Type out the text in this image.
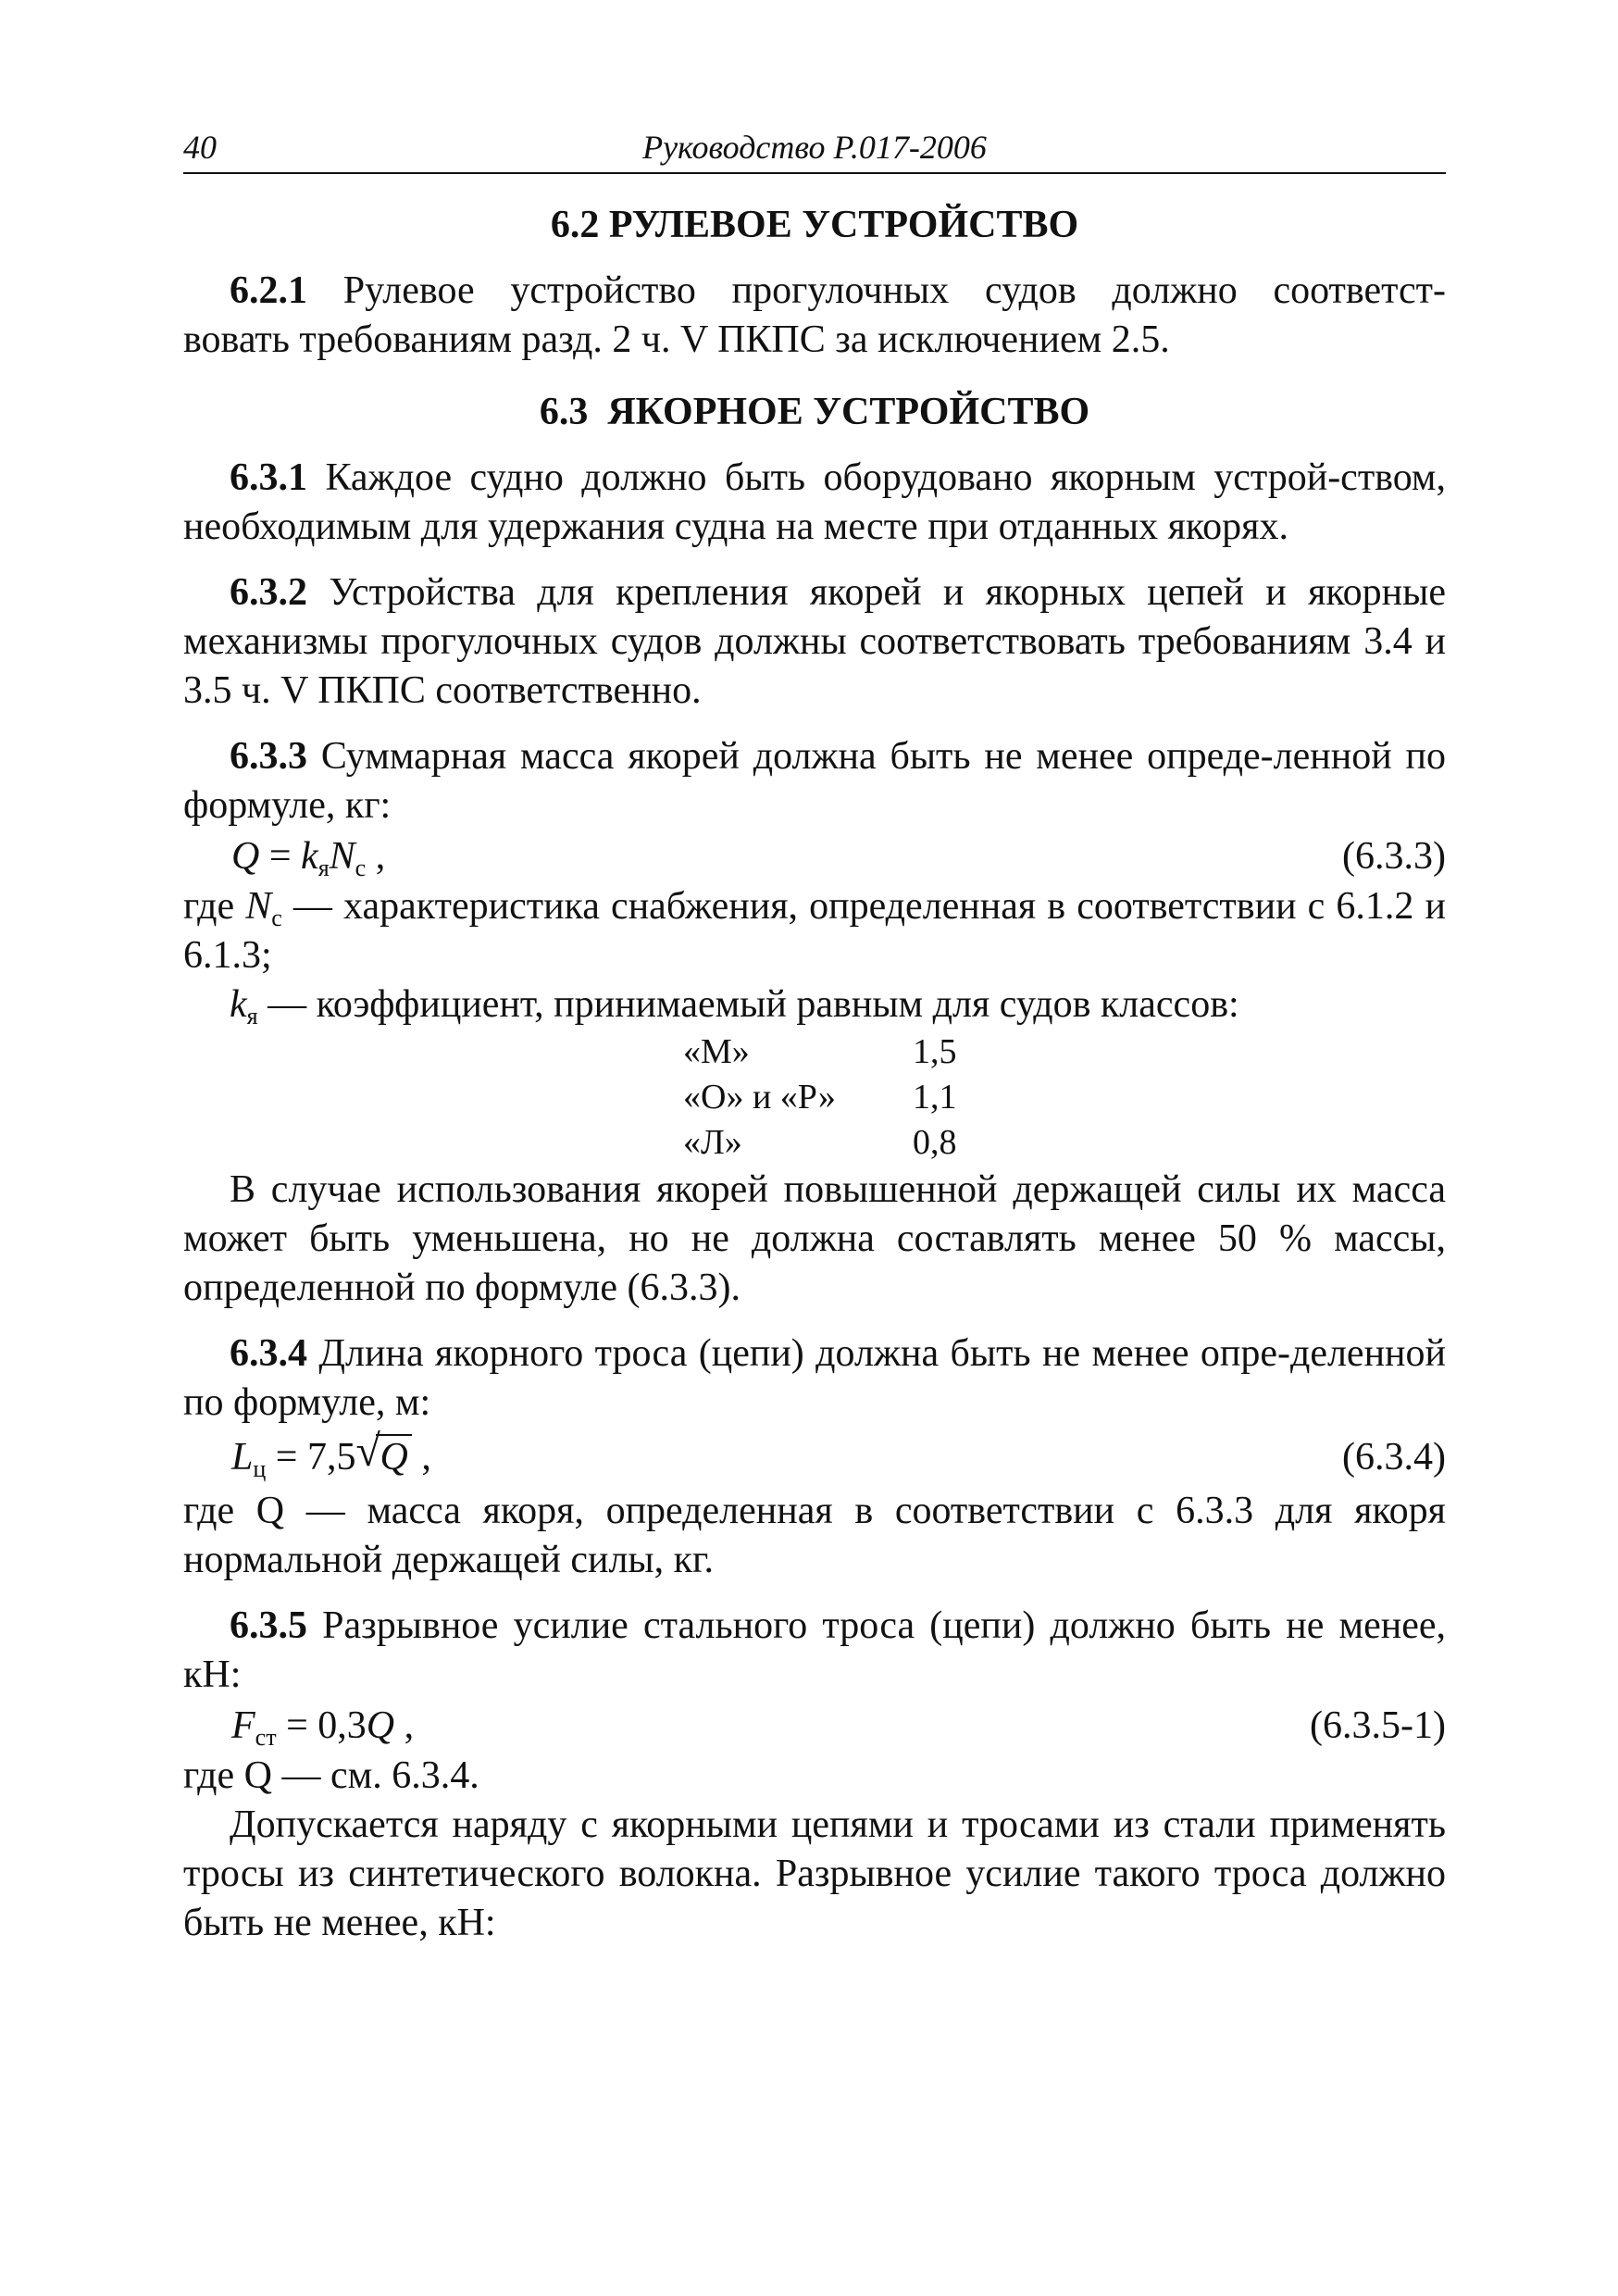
40	Руководство Р.017-2006
6.2 РУЛЕВОЕ УСТРОЙСТВО

6.2.1 Рулевое устройство прогулочных судов должно соответст-

вовать требованиям разд. 2 ч. V ПКПС за исключением 2.5.

6.3  ЯКОРНОЕ УСТРОЙСТВО

6.3.1 Каждое судно должно быть оборудовано якорным устрой-ством, необходимым для удержания судна на месте при отданных якорях.

6.3.2 Устройства для крепления якорей и якорных цепей и якорные механизмы прогулочных судов должны соответствовать требованиям 3.4 и 3.5 ч. V ПКПС соответственно.

6.3.3 Суммарная масса якорей должна быть не менее опреде-ленной по формуле, кг:

$Q = k_яN_с$ ,	(6.3.3)

где $N_с$ — характеристика снабжения, определенная в соответствии с 6.1.2 и 6.1.3;

$k_я$ — коэффициент, принимаемый равным для судов классов:

«М»	1,5
«О» и «Р» 1,1
«Л»	0,8

В случае использования якорей повышенной держащей силы их масса может быть уменьшена, но не должна составлять менее 50 % массы, определенной по формуле (6.3.3).

6.3.4 Длина якорного троса (цепи) должна быть не менее опре-деленной по формуле, м:

$L_ц = 7,5$ √ Q ,	(6.3.4)

где Q — масса якоря, определенная в соответствии с 6.3.3 для якоря нормальной держащей силы, кг.

6.3.5 Разрывное усилие стального троса (цепи) должно быть не менее, кН:

$F_{ст} = 0,3Q$ ,	(6.3.5-1)

где Q — см. 6.3.4.

Допускается наряду с якорными цепями и тросами из стали применять тросы из синтетического волокна. Разрывное усилие такого троса должно быть не менее, кН:
